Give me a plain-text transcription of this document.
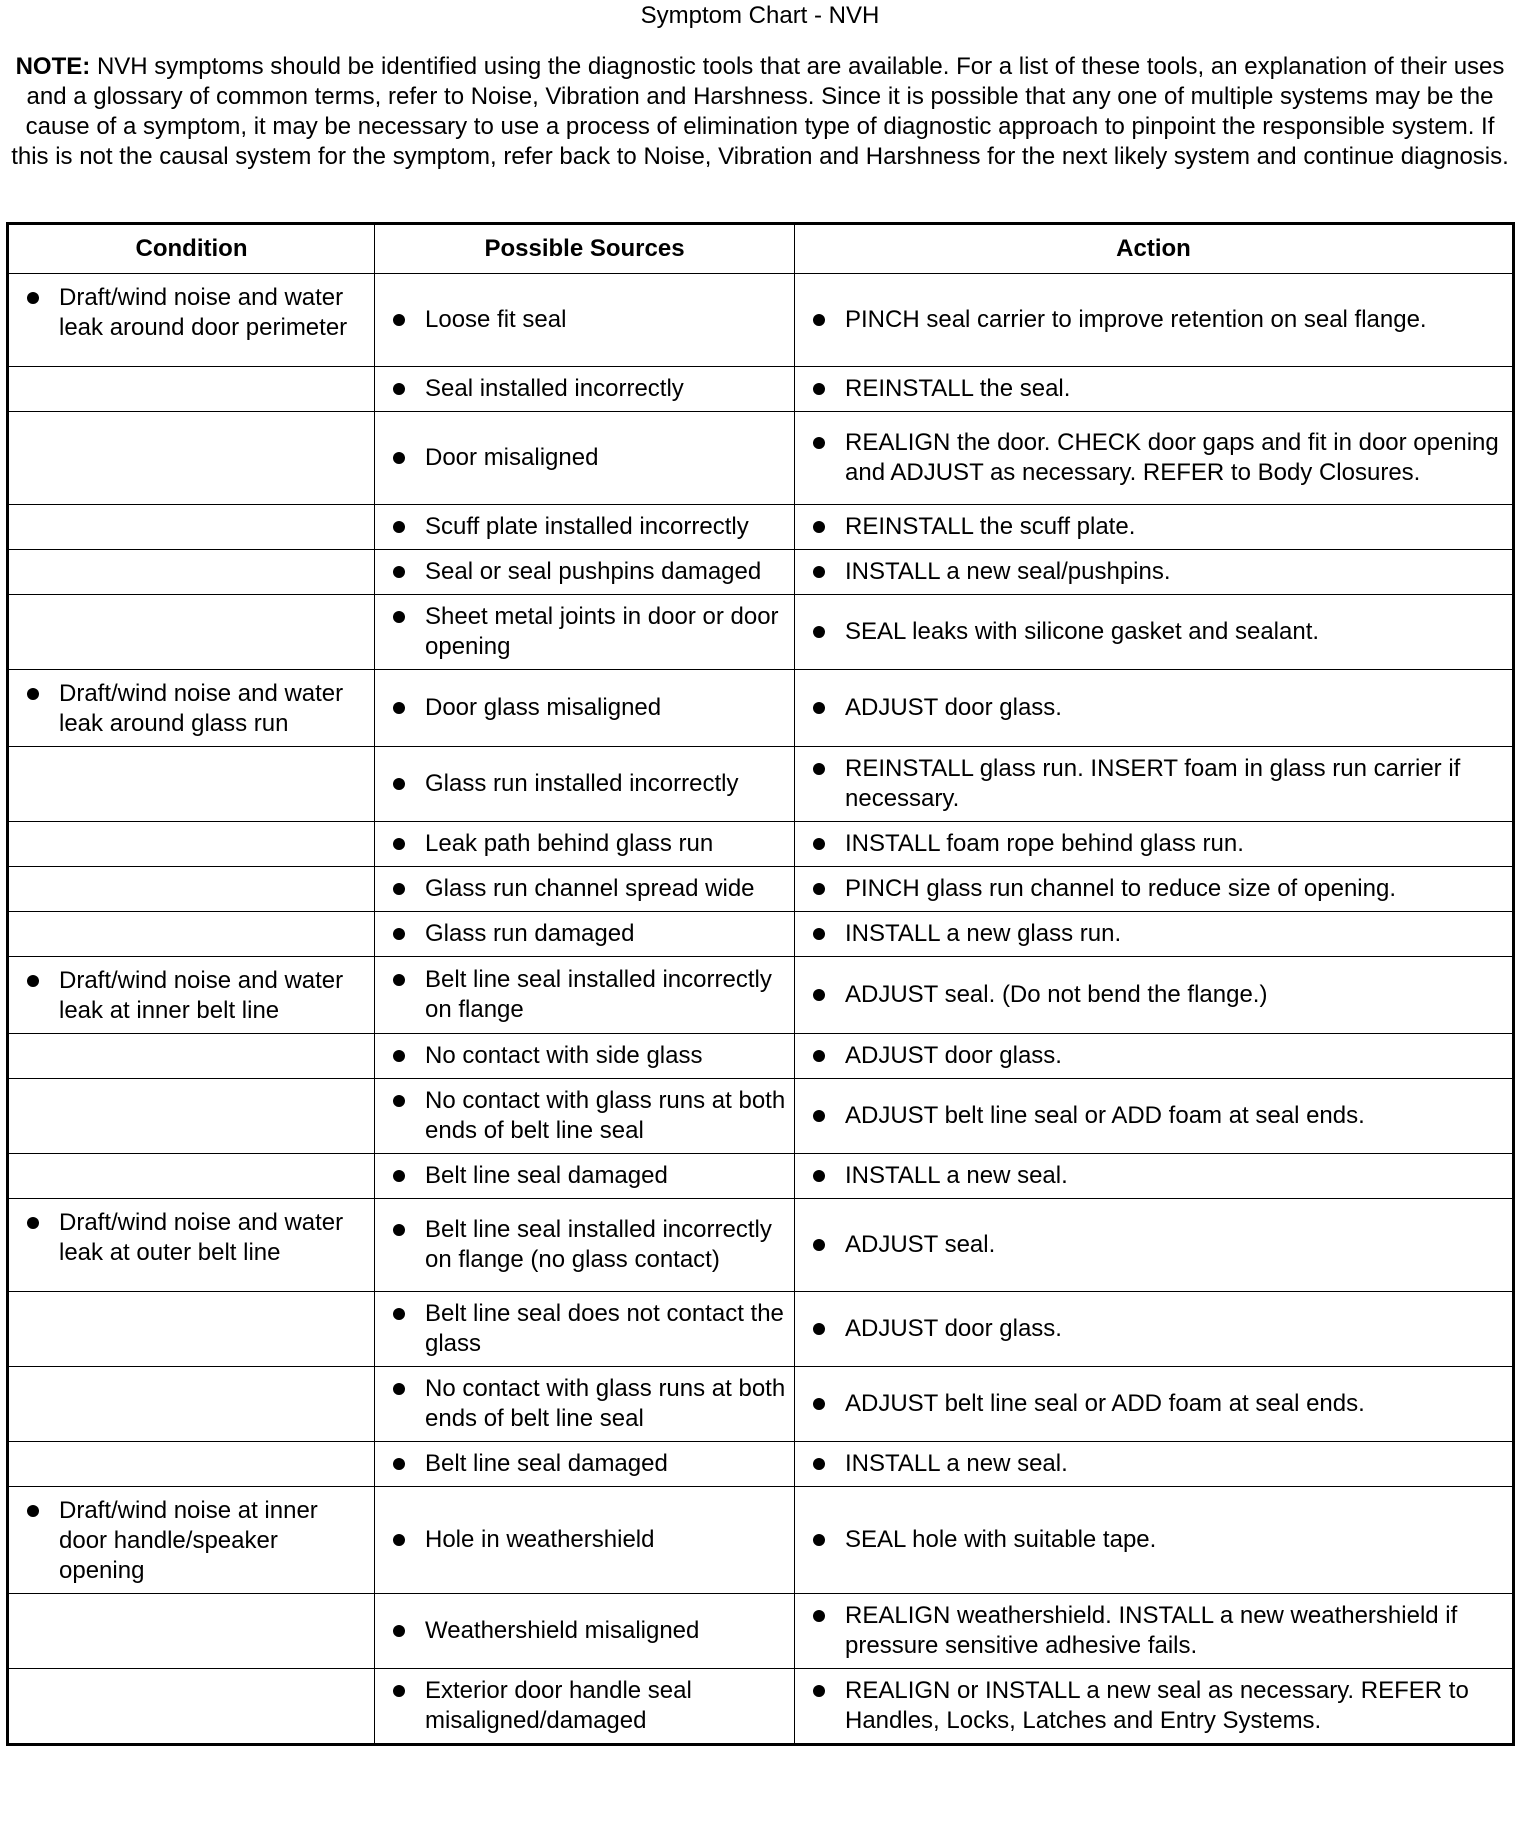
Symptom Chart - NVH
NOTE: NVH symptoms should be identified using the diagnostic tools that are available. For a list of these tools, an explanation of their uses and a glossary of common terms, refer to Noise, Vibration and Harshness. Since it is possible that any one of multiple systems may be the cause of a symptom, it may be necessary to use a process of elimination type of diagnostic approach to pinpoint the responsible system. If this is not the causal system for the symptom, refer back to Noise, Vibration and Harshness for the next likely system and continue diagnosis.
Condition	Possible Sources	Action

Draft/wind noise and water leak around door perimeter	Loose fit seal	PINCH seal carrier to improve retention on seal flange.

	Seal installed incorrectly	REINSTALL the seal.

	Door misaligned	REALIGN the door. CHECK door gaps and fit in door opening and ADJUST as necessary. REFER to Body Closures.

	Scuff plate installed incorrectly	REINSTALL the scuff plate.

	Seal or seal pushpins damaged	INSTALL a new seal/pushpins.

	Sheet metal joints in door or door opening	SEAL leaks with silicone gasket and sealant.

Draft/wind noise and water leak around glass run	Door glass misaligned	ADJUST door glass.

	Glass run installed incorrectly	REINSTALL glass run. INSERT foam in glass run carrier if necessary.

	Leak path behind glass run	INSTALL foam rope behind glass run.

	Glass run channel spread wide	PINCH glass run channel to reduce size of opening.

	Glass run damaged	INSTALL a new glass run.

Draft/wind noise and water leak at inner belt line	Belt line seal installed incorrectly on flange	ADJUST seal. (Do not bend the flange.)

	No contact with side glass	ADJUST door glass.

	No contact with glass runs at both ends of belt line seal	ADJUST belt line seal or ADD foam at seal ends.

	Belt line seal damaged	INSTALL a new seal.

Draft/wind noise and water leak at outer belt line	Belt line seal installed incorrectly on flange (no glass contact)	ADJUST seal.

	Belt line seal does not contact the glass	ADJUST door glass.

	No contact with glass runs at both ends of belt line seal	ADJUST belt line seal or ADD foam at seal ends.

	Belt line seal damaged	INSTALL a new seal.

Draft/wind noise at inner door handle/speaker opening	Hole in weathershield	SEAL hole with suitable tape.

	Weathershield misaligned	REALIGN weathershield. INSTALL a new weathershield if pressure sensitive adhesive fails.

	Exterior door handle seal misaligned/damaged	REALIGN or INSTALL a new seal as necessary. REFER to Handles, Locks, Latches and Entry Systems.
